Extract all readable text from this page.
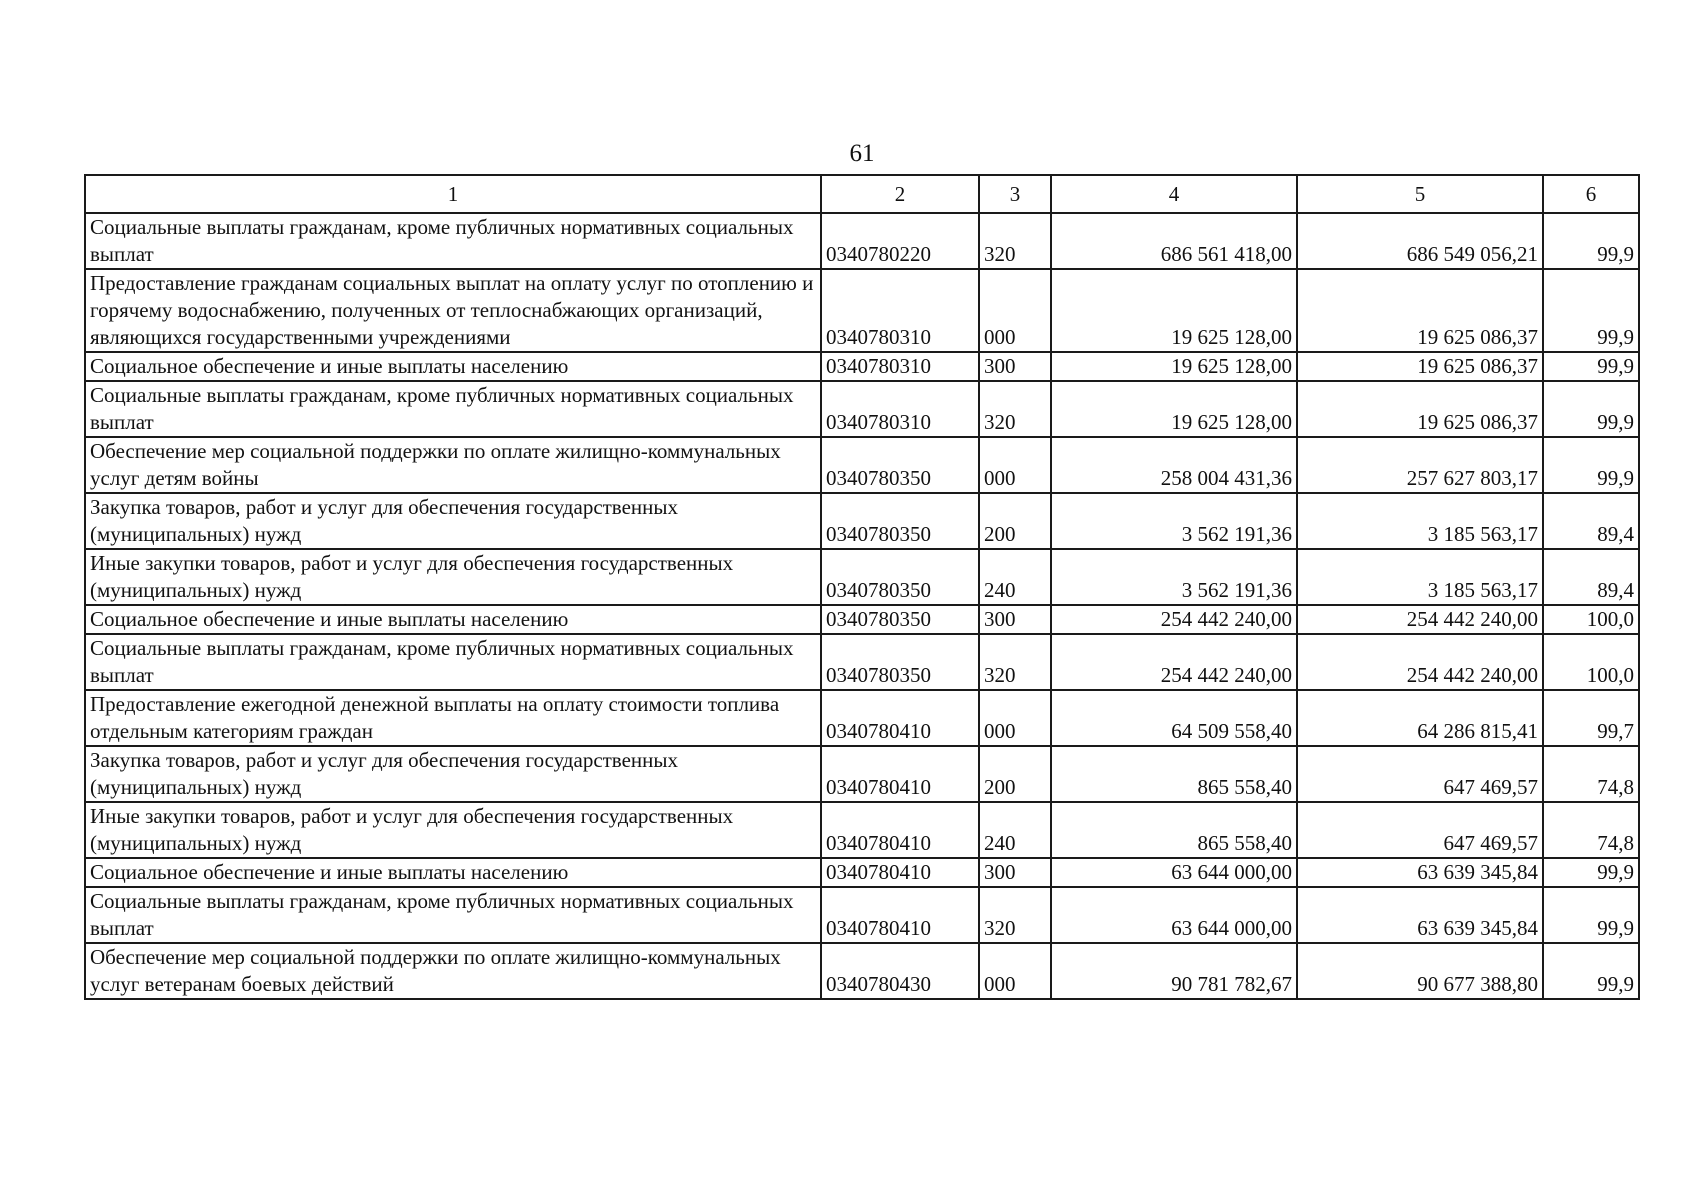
61
1	2	3	4	5	6
Социальные выплаты гражданам, кроме публичных нормативных социальных выплат	0340780220	320	686 561 418,00	686 549 056,21	99,9
Предоставление гражданам социальных выплат на оплату услуг по отоплению и горячему водоснабжению, полученных от теплоснабжающих организаций, являющихся государственными учреждениями	0340780310	000	19 625 128,00	19 625 086,37	99,9
Социальное обеспечение и иные выплаты населению	0340780310	300	19 625 128,00	19 625 086,37	99,9
Социальные выплаты гражданам, кроме публичных нормативных социальных выплат	0340780310	320	19 625 128,00	19 625 086,37	99,9
Обеспечение мер социальной поддержки по оплате жилищно-коммунальных услуг детям войны	0340780350	000	258 004 431,36	257 627 803,17	99,9
Закупка товаров, работ и услуг для обеспечения государственных (муниципальных) нужд	0340780350	200	3 562 191,36	3 185 563,17	89,4
Иные закупки товаров, работ и услуг для обеспечения государственных (муниципальных) нужд	0340780350	240	3 562 191,36	3 185 563,17	89,4
Социальное обеспечение и иные выплаты населению	0340780350	300	254 442 240,00	254 442 240,00	100,0
Социальные выплаты гражданам, кроме публичных нормативных социальных выплат	0340780350	320	254 442 240,00	254 442 240,00	100,0
Предоставление ежегодной денежной выплаты на оплату стоимости топлива отдельным категориям граждан	0340780410	000	64 509 558,40	64 286 815,41	99,7
Закупка товаров, работ и услуг для обеспечения государственных (муниципальных) нужд	0340780410	200	865 558,40	647 469,57	74,8
Иные закупки товаров, работ и услуг для обеспечения государственных (муниципальных) нужд	0340780410	240	865 558,40	647 469,57	74,8
Социальное обеспечение и иные выплаты населению	0340780410	300	63 644 000,00	63 639 345,84	99,9
Социальные выплаты гражданам, кроме публичных нормативных социальных выплат	0340780410	320	63 644 000,00	63 639 345,84	99,9
Обеспечение мер социальной поддержки по оплате жилищно-коммунальных услуг ветеранам боевых действий	0340780430	000	90 781 782,67	90 677 388,80	99,9
